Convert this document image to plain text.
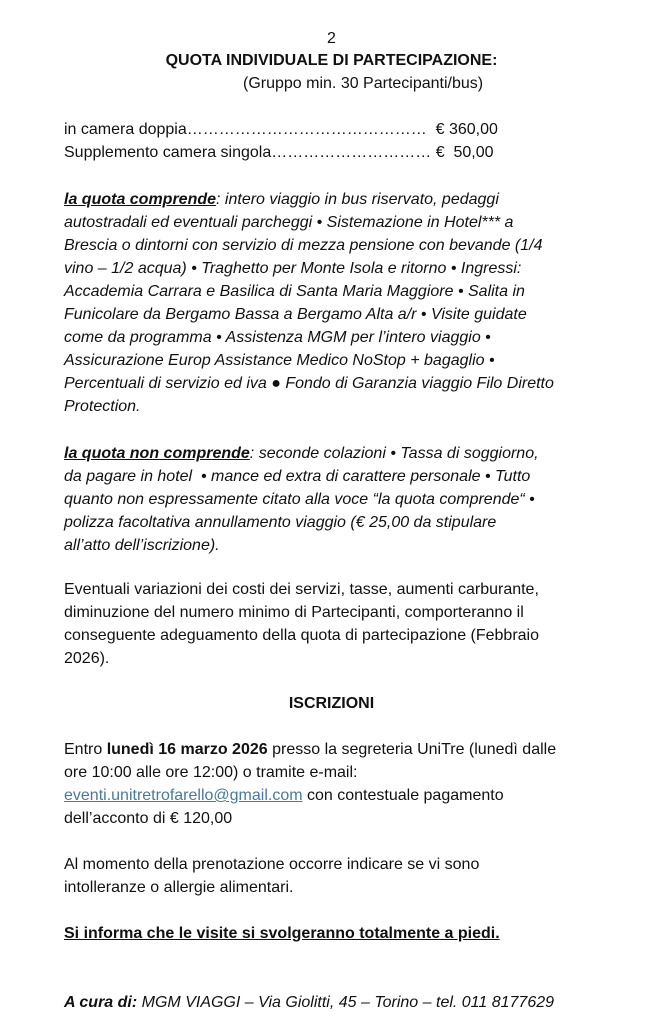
2
QUOTA INDIVIDUALE DI PARTECIPAZIONE:
(Gruppo min. 30 Partecipanti/bus)
in camera doppia……………………………………… € 360,00
Supplemento camera singola………………………… €  50,00
la quota comprende: intero viaggio in bus riservato, pedaggi
autostradali ed eventuali parcheggi • Sistemazione in Hotel*** a
Brescia o dintorni con servizio di mezza pensione con bevande (1/4
vino – 1/2 acqua) • Traghetto per Monte Isola e ritorno • Ingressi:
Accademia Carrara e Basilica di Santa Maria Maggiore • Salita in
Funicolare da Bergamo Bassa a Bergamo Alta a/r • Visite guidate
come da programma • Assistenza MGM per l’intero viaggio •
Assicurazione Europ Assistance Medico NoStop + bagaglio •
Percentuali di servizio ed iva ● Fondo di Garanzia viaggio Filo Diretto
Protection.
la quota non comprende: seconde colazioni • Tassa di soggiorno,
da pagare in hotel  • mance ed extra di carattere personale • Tutto
quanto non espressamente citato alla voce “la quota comprende“ •
polizza facoltativa annullamento viaggio (€ 25,00 da stipulare
all’atto dell’iscrizione).
Eventuali variazioni dei costi dei servizi, tasse, aumenti carburante,
diminuzione del numero minimo di Partecipanti, comporteranno il
conseguente adeguamento della quota di partecipazione (Febbraio
2026).
ISCRIZIONI
Entro lunedì 16 marzo 2026 presso la segreteria UniTre (lunedì dalle
ore 10:00 alle ore 12:00) o tramite e-mail:
eventi.unitretrofarello@gmail.com con contestuale pagamento
dell’acconto di € 120,00
Al momento della prenotazione occorre indicare se vi sono
intolleranze o allergie alimentari.
Si informa che le visite si svolgeranno totalmente a piedi.
A cura di: MGM VIAGGI – Via Giolitti, 45 – Torino – tel. 011 8177629
